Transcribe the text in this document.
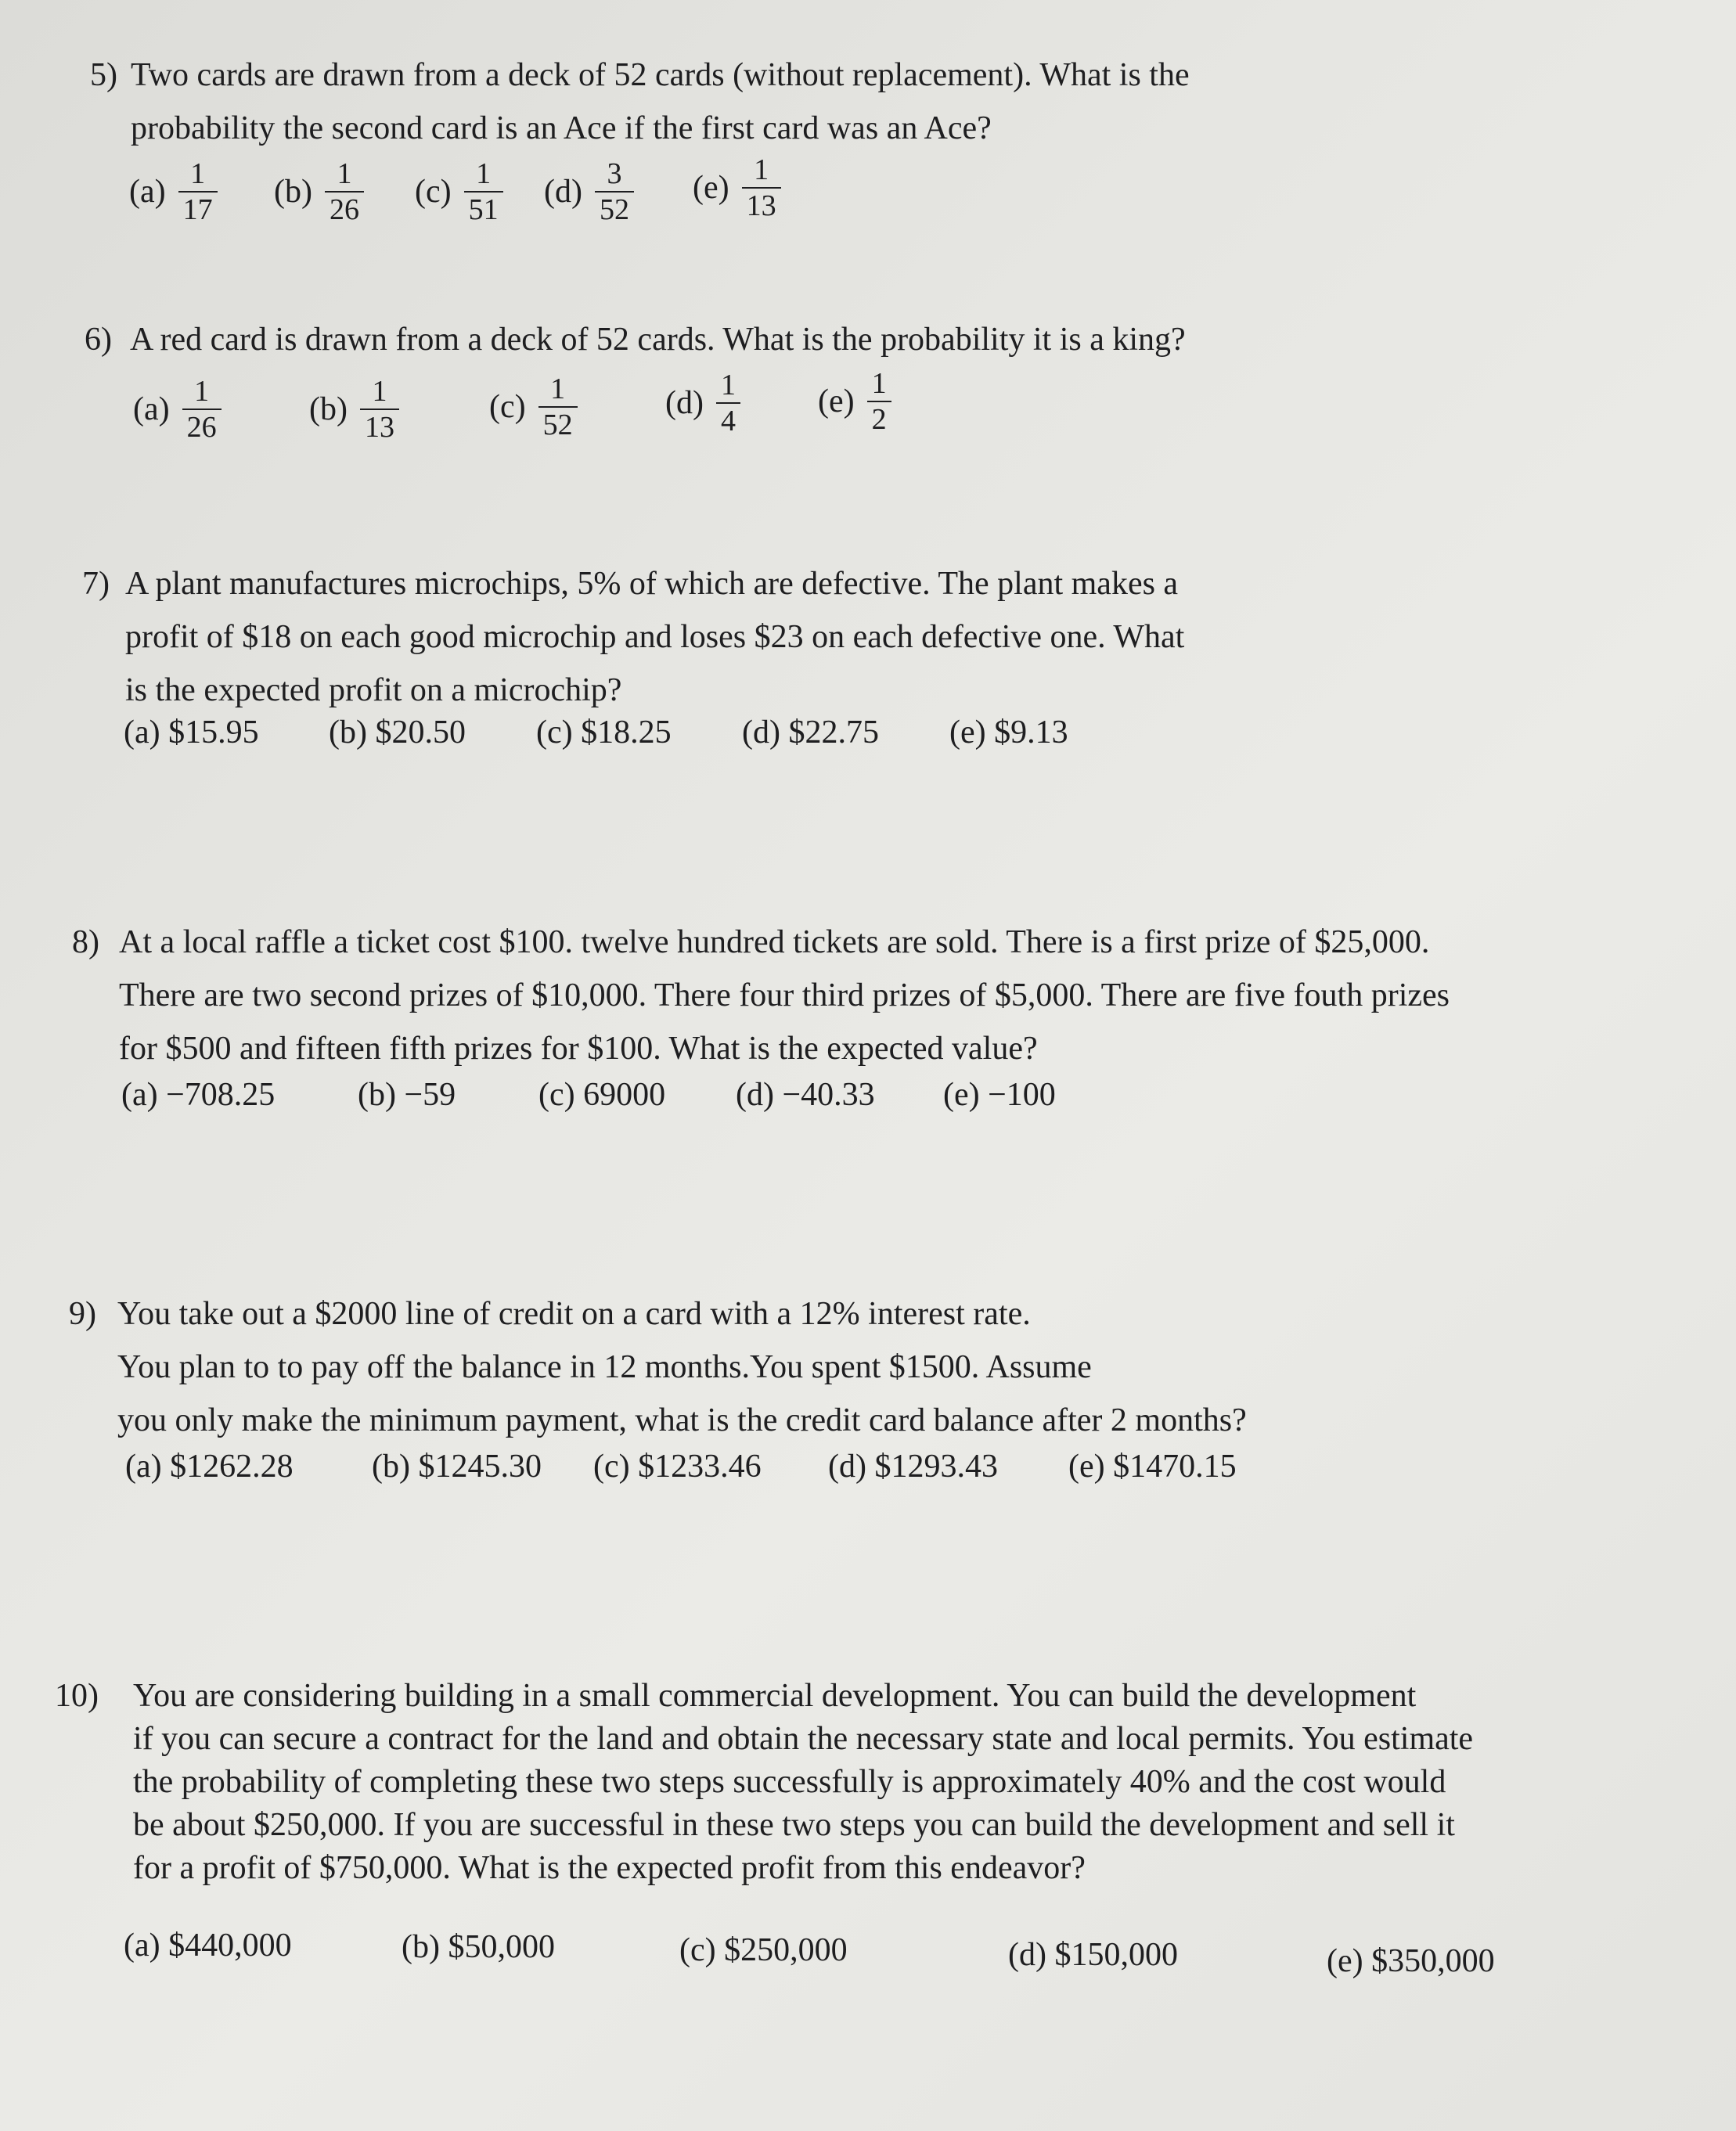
5) Two cards are drawn from a deck of 52 cards (without replacement). What is the
probability the second card is an Ace if the first card was an Ace?
$(a) \frac{1}{17} (b) \frac{1}{26} (c) \frac{1}{51} (d) \frac{3}{52} (e) \frac{1}{13}$
6) A red card is drawn from a deck of 52 cards. What is the probability it is a king?
$(a) \frac{1}{26}$	$(b) \frac{1}{13}$	$(c) \frac{1}{52}$	$(d) \frac{1}{4} (e) \frac{1}{2}$
7) A plant manufactures microchips, 5% of which are defective. The plant makes a
profit of $18 on each good microchip and loses $23 on each defective one. What
is the expected profit on a microchip?
(a) $15.95 (b) $20.50 (c) $18.25 (d) $22.75 (e) $9.13
8) At a local raffle a ticket cost $100. twelve hundred tickets are sold. There is a first prize of $25,000.
There are two second prizes of $10,000. There four third prizes of $5,000. There are five fouth prizes
for $500 and fifteen fifth prizes for $100. What is the expected value?
(a) −708.25	(b) −59	(c) 69000 (d) −40.33 (e) −100
9) You take out a $2000 line of credit on a card with a 12% interest rate.
You plan to to pay off the balance in 12 months.You spent $1500. Assume
you only make the minimum payment, what is the credit card balance after 2 months?
(a) $1262.28 (b) $1245.30 (c) $1233.46 (d) $1293.43 (e) $1470.15
10) You are considering building in a small commercial development. You can build the development
if you can secure a contract for the land and obtain the necessary state and local permits. You estimate
the probability of completing these two steps successfully is approximately 40% and the cost would
be about $250,000. If you are successful in these two steps you can build the development and sell it
for a profit of $750,000. What is the expected profit from this endeavor?
(a) $440,000	(b) $50,000	(c) $250,000	(d) $150,000	(e) $350,000
